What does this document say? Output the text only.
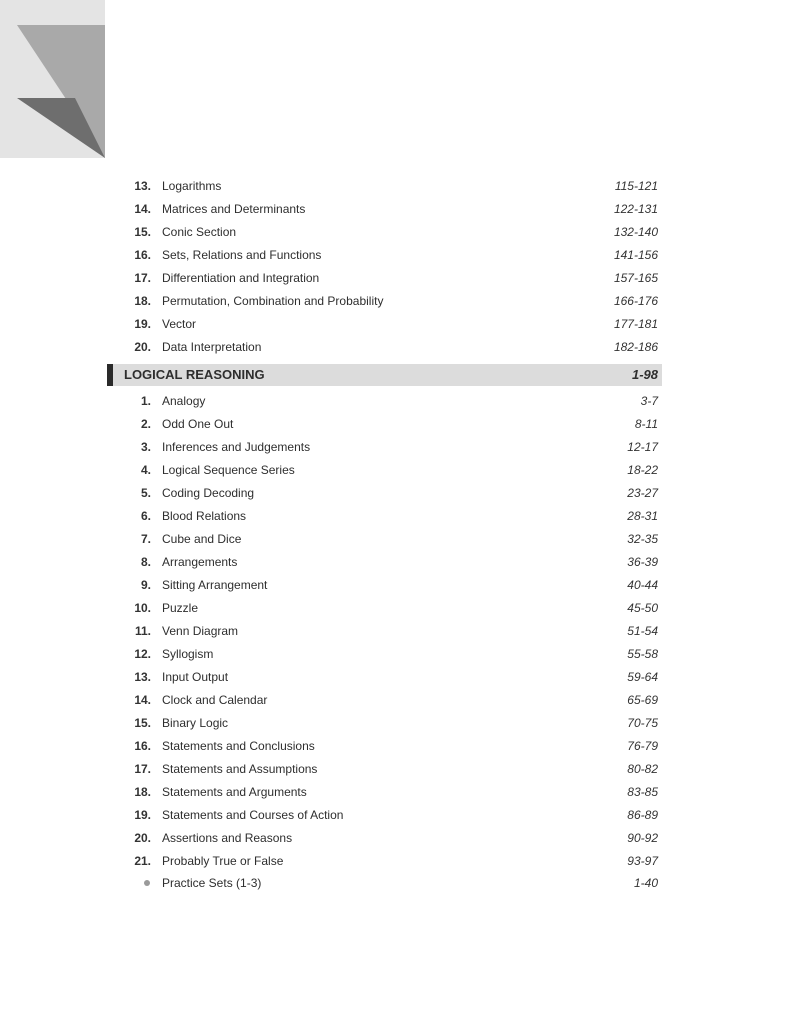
13. Logarithms	115-121
14. Matrices and Determinants	122-131
15. Conic Section	132-140
16. Sets, Relations and Functions	141-156
17. Differentiation and Integration	157-165
18. Permutation, Combination and Probability	166-176
19. Vector	177-181
20. Data Interpretation	182-186
LOGICAL REASONING	1-98
1. Analogy	3-7
2. Odd One Out	8-11
3. Inferences and Judgements	12-17
4. Logical Sequence Series	18-22
5. Coding Decoding	23-27
6. Blood Relations	28-31
7. Cube and Dice	32-35
8. Arrangements	36-39
9. Sitting Arrangement	40-44
10. Puzzle	45-50
11. Venn Diagram	51-54
12. Syllogism	55-58
13. Input Output	59-64
14. Clock and Calendar	65-69
15. Binary Logic	70-75
16. Statements and Conclusions	76-79
17. Statements and Assumptions	80-82
18. Statements and Arguments	83-85
19. Statements and Courses of Action	86-89
20. Assertions and Reasons	90-92
21. Probably True or False	93-97
Practice Sets (1-3)	1-40
